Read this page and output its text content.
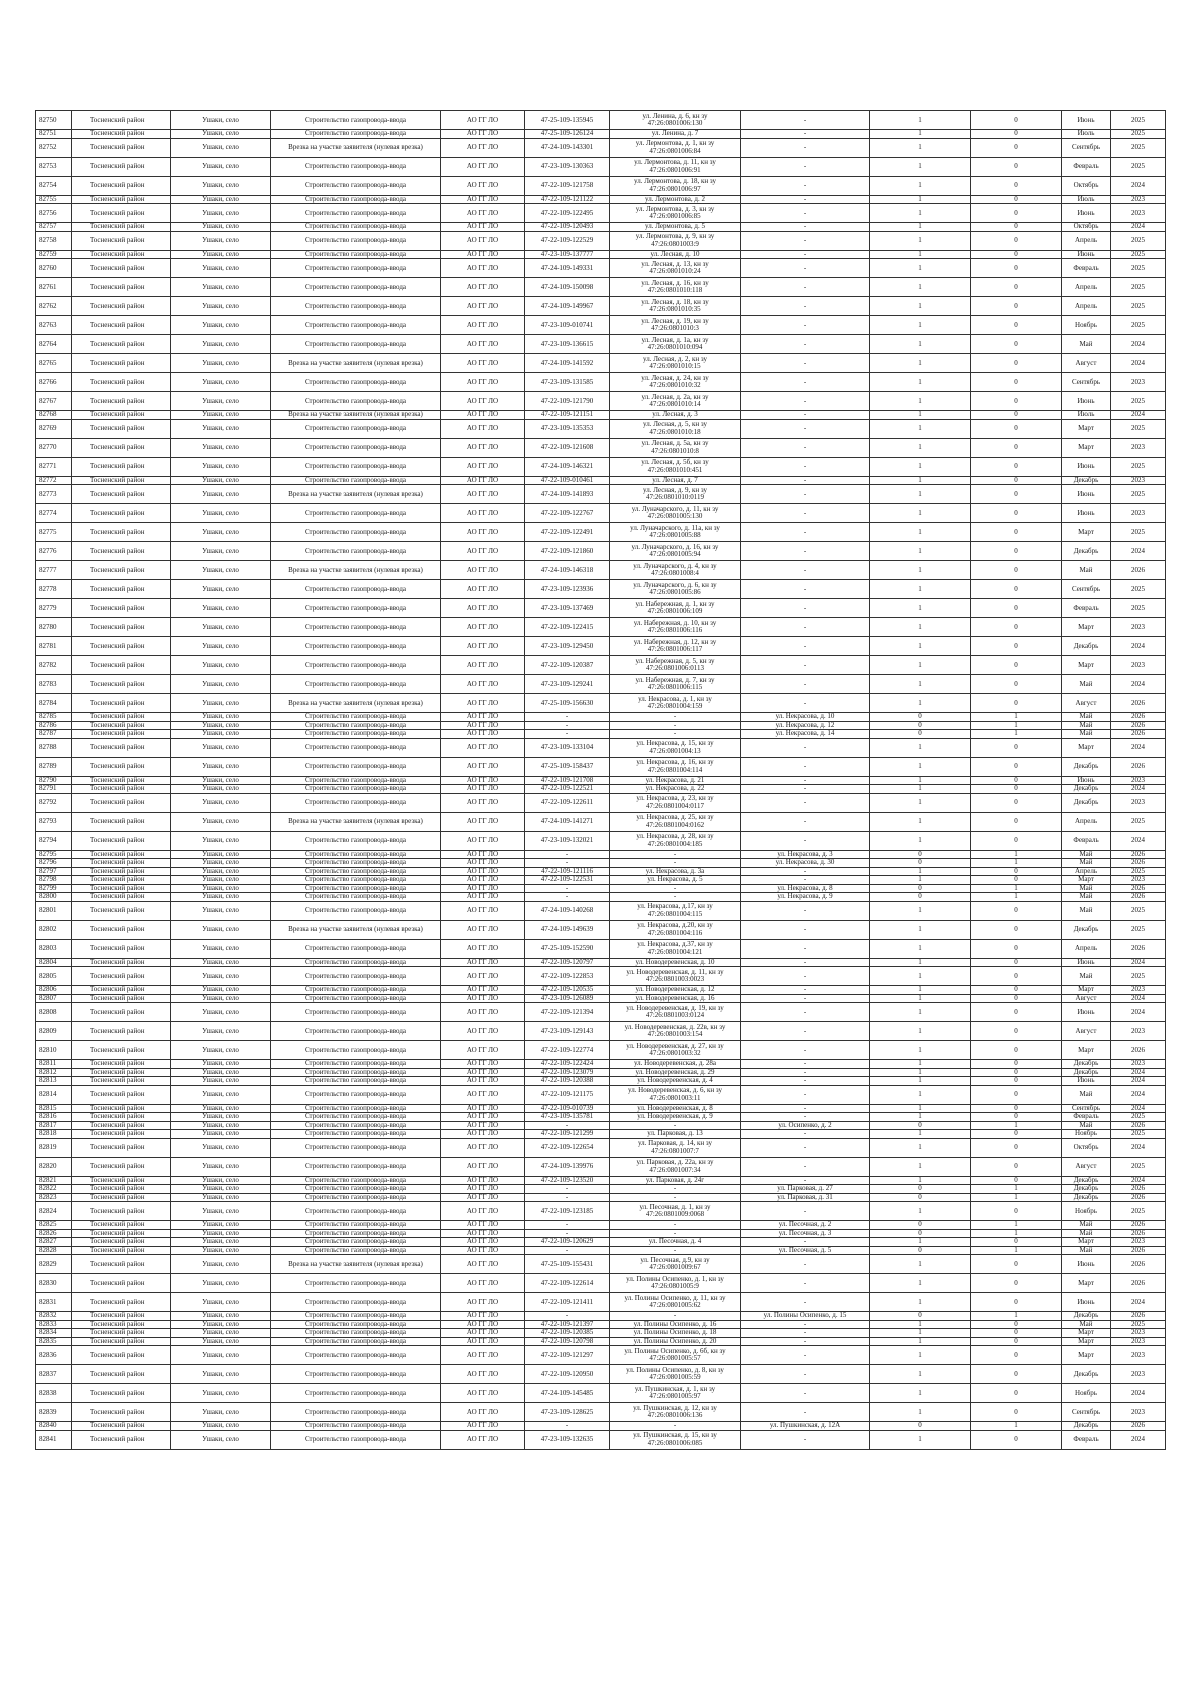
82750	Тосненский район	Ушаки, село	Строительство газопровода-ввода	АО ГГ ЛО	47-25-109-135945	ул. Ленина, д. 6, кн зу
47:26:0801006:130	-	1	0	Июнь	2025
82751	Тосненский район	Ушаки, село	Строительство газопровода-ввода	АО ГГ ЛО	47-25-109-126124	ул. Ленина, д. 7	-	1	0	Июль	2025
82752	Тосненский район	Ушаки, село	Врезка на участке заявителя (нулевая врезка)	АО ГГ ЛО	47-24-109-143301	ул. Лермонтова, д. 1, кн зу
47:26:0801006:84	-	1	0	Сентябрь	2025
82753	Тосненский район	Ушаки, село	Строительство газопровода-ввода	АО ГГ ЛО	47-23-109-130363	ул. Лермонтова, д. 11, кн зу
47:26:0801006:91	-	1	0	Февраль	2025
82754	Тосненский район	Ушаки, село	Строительство газопровода-ввода	АО ГГ ЛО	47-22-109-121758	ул. Лермонтова, д. 18, кн зу
47:26:0801006:97	-	1	0	Октябрь	2024
82755	Тосненский район	Ушаки, село	Строительство газопровода-ввода	АО ГГ ЛО	47-22-109-121122	ул. Лермонтова, д. 2	-	1	0	Июль	2023
82756	Тосненский район	Ушаки, село	Строительство газопровода-ввода	АО ГГ ЛО	47-22-109-122495	ул. Лермонтова, д. 3, кн зу
47:26:0801006:85	-	1	0	Июнь	2023
82757	Тосненский район	Ушаки, село	Строительство газопровода-ввода	АО ГГ ЛО	47-22-109-120493	ул. Лермонтова, д. 5	-	1	0	Октябрь	2024
82758	Тосненский район	Ушаки, село	Строительство газопровода-ввода	АО ГГ ЛО	47-22-109-122529	ул. Лермонтова, д. 9, кн зу
47:26:0801003:9	-	1	0	Апрель	2025
82759	Тосненский район	Ушаки, село	Строительство газопровода-ввода	АО ГГ ЛО	47-23-109-137777	ул. Лесная, д. 10	-	1	0	Июнь	2025
82760	Тосненский район	Ушаки, село	Строительство газопровода-ввода	АО ГГ ЛО	47-24-109-149331	ул. Лесная, д. 13, кн зу
47:26:0801010:24	-	1	0	Февраль	2025
82761	Тосненский район	Ушаки, село	Строительство газопровода-ввода	АО ГГ ЛО	47-24-109-150098	ул. Лесная, д. 16, кн зу
47:26:0801010:118	-	1	0	Апрель	2025
82762	Тосненский район	Ушаки, село	Строительство газопровода-ввода	АО ГГ ЛО	47-24-109-149967	ул. Лесная, д. 18, кн зу
47:26:0801010:35	-	1	0	Апрель	2025
82763	Тосненский район	Ушаки, село	Строительство газопровода-ввода	АО ГГ ЛО	47-23-109-010741	ул. Лесная, д. 19, кн зу
47:26:0801010:3	-	1	0	Ноябрь	2025
82764	Тосненский район	Ушаки, село	Строительство газопровода-ввода	АО ГГ ЛО	47-23-109-136615	ул. Лесная, д. 1а, кн зу
47:26:0801010:094	-	1	0	Май	2024
82765	Тосненский район	Ушаки, село	Врезка на участке заявителя (нулевая врезка)	АО ГГ ЛО	47-24-109-141592	ул. Лесная, д. 2, кн зу
47:26:0801010:15	-	1	0	Август	2024
82766	Тосненский район	Ушаки, село	Строительство газопровода-ввода	АО ГГ ЛО	47-23-109-131585	ул. Лесная, д. 24, кн зу
47:26:0801010:32	-	1	0	Сентябрь	2023
82767	Тосненский район	Ушаки, село	Строительство газопровода-ввода	АО ГГ ЛО	47-22-109-121790	ул. Лесная, д. 2а, кн зу
47:26:0801010:14	-	1	0	Июнь	2025
82768	Тосненский район	Ушаки, село	Врезка на участке заявителя (нулевая врезка)	АО ГГ ЛО	47-22-109-121151	ул. Лесная, д. 3	-	1	0	Июль	2024
82769	Тосненский район	Ушаки, село	Строительство газопровода-ввода	АО ГГ ЛО	47-23-109-135353	ул. Лесная, д. 5, кн зу
47:26:0801010:18	-	1	0	Март	2025
82770	Тосненский район	Ушаки, село	Строительство газопровода-ввода	АО ГГ ЛО	47-22-109-121608	ул. Лесная, д. 5а, кн зу
47:26:0801010:8	-	1	0	Март	2023
82771	Тосненский район	Ушаки, село	Строительство газопровода-ввода	АО ГГ ЛО	47-24-109-146321	ул. Лесная, д. 5б, кн зу
47:26:0801010:451	-	1	0	Июнь	2025
82772	Тосненский район	Ушаки, село	Строительство газопровода-ввода	АО ГГ ЛО	47-22-109-010461	ул. Лесная, д. 7	-	1	0	Декабрь	2023
82773	Тосненский район	Ушаки, село	Врезка на участке заявителя (нулевая врезка)	АО ГГ ЛО	47-24-109-141893	ул. Лесная, д. 9, кн зу
47:26:0801010:0119	-	1	0	Июнь	2025
82774	Тосненский район	Ушаки, село	Строительство газопровода-ввода	АО ГГ ЛО	47-22-109-122767	ул. Луначарского, д. 11, кн зу
47:26:0801005:130	-	1	0	Июнь	2023
82775	Тосненский район	Ушаки, село	Строительство газопровода-ввода	АО ГГ ЛО	47-22-109-122491	ул. Луначарского, д. 11а, кн зу
47:26:0801005:88	-	1	0	Март	2025
82776	Тосненский район	Ушаки, село	Строительство газопровода-ввода	АО ГГ ЛО	47-22-109-121860	ул. Луначарского, д. 16, кн зу
47:26:0801005:94	-	1	0	Декабрь	2024
82777	Тосненский район	Ушаки, село	Врезка на участке заявителя (нулевая врезка)	АО ГГ ЛО	47-24-109-146318	ул. Луначарского, д. 4, кн зу
47:26:0801008:4	-	1	0	Май	2026
82778	Тосненский район	Ушаки, село	Строительство газопровода-ввода	АО ГГ ЛО	47-23-109-123936	ул. Луначарского, д. 6, кн зу
47:26:0801005:86	-	1	0	Сентябрь	2025
82779	Тосненский район	Ушаки, село	Строительство газопровода-ввода	АО ГГ ЛО	47-23-109-137469	ул. Набережная, д. 1, кн зу
47:26:0801006:109	-	1	0	Февраль	2025
82780	Тосненский район	Ушаки, село	Строительство газопровода-ввода	АО ГГ ЛО	47-22-109-122415	ул. Набережная, д. 10, кн зу
47:26:0801006:116	-	1	0	Март	2023
82781	Тосненский район	Ушаки, село	Строительство газопровода-ввода	АО ГГ ЛО	47-23-109-129450	ул. Набережная, д. 12, кн зу
47:26:0801006:117	-	1	0	Декабрь	2024
82782	Тосненский район	Ушаки, село	Строительство газопровода-ввода	АО ГГ ЛО	47-22-109-120387	ул. Набережная, д. 5, кн зу
47:26:0801006:0113	-	1	0	Март	2023
82783	Тосненский район	Ушаки, село	Строительство газопровода-ввода	АО ГГ ЛО	47-23-109-129241	ул. Набережная, д. 7, кн зу
47:26:0801006:115	-	1	0	Май	2024
82784	Тосненский район	Ушаки, село	Врезка на участке заявителя (нулевая врезка)	АО ГГ ЛО	47-25-109-156630	ул. Некрасова, д. 1, кн зу
47:26:0801004:159	-	1	0	Август	2026
82785	Тосненский район	Ушаки, село	Строительство газопровода-ввода	АО ГГ ЛО	-	-	ул. Некрасова, д. 10	0	1	Май	2026
82786	Тосненский район	Ушаки, село	Строительство газопровода-ввода	АО ГГ ЛО	-	-	ул. Некрасова, д. 12	0	1	Май	2026
82787	Тосненский район	Ушаки, село	Строительство газопровода-ввода	АО ГГ ЛО	-	-	ул. Некрасова, д. 14	0	1	Май	2026
82788	Тосненский район	Ушаки, село	Строительство газопровода-ввода	АО ГГ ЛО	47-23-109-133104	ул. Некрасова, д. 15, кн зу
47:26:0801004:13	-	1	0	Март	2024
82789	Тосненский район	Ушаки, село	Строительство газопровода-ввода	АО ГГ ЛО	47-25-109-158437	ул. Некрасова, д. 16, кн зу
47:26:0801004:114	-	1	0	Декабрь	2026
82790	Тосненский район	Ушаки, село	Строительство газопровода-ввода	АО ГГ ЛО	47-22-109-121708	ул. Некрасова, д. 21	-	1	0	Июнь	2023
82791	Тосненский район	Ушаки, село	Строительство газопровода-ввода	АО ГГ ЛО	47-22-109-122521	ул. Некрасова, д. 22	-	1	0	Декабрь	2024
82792	Тосненский район	Ушаки, село	Строительство газопровода-ввода	АО ГГ ЛО	47-22-109-122611	ул. Некрасова, д. 23, кн зу
47:26:0801004:0117	-	1	0	Декабрь	2023
82793	Тосненский район	Ушаки, село	Врезка на участке заявителя (нулевая врезка)	АО ГГ ЛО	47-24-109-141271	ул. Некрасова, д. 25, кн зу
47:26:0801004:0162	-	1	0	Апрель	2025
82794	Тосненский район	Ушаки, село	Строительство газопровода-ввода	АО ГГ ЛО	47-23-109-132021	ул. Некрасова, д. 28, кн зу
47:26:0801004:185	-	1	0	Февраль	2024
82795	Тосненский район	Ушаки, село	Строительство газопровода-ввода	АО ГГ ЛО	-	-	ул. Некрасова, д. 3	0	1	Май	2026
82796	Тосненский район	Ушаки, село	Строительство газопровода-ввода	АО ГГ ЛО	-	-	ул. Некрасова, д. 30	0	1	Май	2026
82797	Тосненский район	Ушаки, село	Строительство газопровода-ввода	АО ГГ ЛО	47-22-109-121116	ул. Некрасова, д. 3а	-	1	0	Апрель	2025
82798	Тосненский район	Ушаки, село	Строительство газопровода-ввода	АО ГГ ЛО	47-22-109-122531	ул. Некрасова, д. 5	-	1	0	Март	2023
82799	Тосненский район	Ушаки, село	Строительство газопровода-ввода	АО ГГ ЛО	-	-	ул. Некрасова, д. 8	0	1	Май	2026
82800	Тосненский район	Ушаки, село	Строительство газопровода-ввода	АО ГГ ЛО	-	-	ул. Некрасова, д. 9	0	1	Май	2026
82801	Тосненский район	Ушаки, село	Строительство газопровода-ввода	АО ГГ ЛО	47-24-109-140268	ул. Некрасова, д.17, кн зу
47:26:0801004:115	-	1	0	Май	2025
82802	Тосненский район	Ушаки, село	Врезка на участке заявителя (нулевая врезка)	АО ГГ ЛО	47-24-109-149639	ул. Некрасова, д.20, кн зу
47:26:0801004:116	-	1	0	Декабрь	2025
82803	Тосненский район	Ушаки, село	Строительство газопровода-ввода	АО ГГ ЛО	47-25-109-152590	ул. Некрасова, д.37, кн зу
47:26:0801004:121	-	1	0	Апрель	2026
82804	Тосненский район	Ушаки, село	Строительство газопровода-ввода	АО ГГ ЛО	47-22-109-120797	ул. Новодеревенская, д. 10	-	1	0	Июнь	2024
82805	Тосненский район	Ушаки, село	Строительство газопровода-ввода	АО ГГ ЛО	47-22-109-122853	ул. Новодеревенская, д. 11, кн зу
47:26:0801003:0023	-	1	0	Май	2025
82806	Тосненский район	Ушаки, село	Строительство газопровода-ввода	АО ГГ ЛО	47-22-109-120535	ул. Новодеревенская, д. 12	-	1	0	Март	2023
82807	Тосненский район	Ушаки, село	Строительство газопровода-ввода	АО ГГ ЛО	47-23-109-126089	ул. Новодеревенская, д. 16	-	1	0	Август	2024
82808	Тосненский район	Ушаки, село	Строительство газопровода-ввода	АО ГГ ЛО	47-22-109-121394	ул. Новодеревенская, д. 19, кн зу
47:26:0801003:0124	-	1	0	Июнь	2024
82809	Тосненский район	Ушаки, село	Строительство газопровода-ввода	АО ГГ ЛО	47-23-109-129143	ул. Новодеревенская, д. 22в, кн зу
47:26:0801003:154	-	1	0	Август	2023
82810	Тосненский район	Ушаки, село	Строительство газопровода-ввода	АО ГГ ЛО	47-22-109-122774	ул. Новодеревенская, д. 27, кн зу
47:26:0801003:32	-	1	0	Март	2026
82811	Тосненский район	Ушаки, село	Строительство газопровода-ввода	АО ГГ ЛО	47-22-109-122424	ул. Новодеревенская, д. 28а	-	1	0	Декабрь	2023
82812	Тосненский район	Ушаки, село	Строительство газопровода-ввода	АО ГГ ЛО	47-22-109-123079	ул. Новодеревенская, д. 29	-	1	0	Декабрь	2024
82813	Тосненский район	Ушаки, село	Строительство газопровода-ввода	АО ГГ ЛО	47-22-109-120388	ул. Новодеревенская, д. 4	-	1	0	Июнь	2024
82814	Тосненский район	Ушаки, село	Строительство газопровода-ввода	АО ГГ ЛО	47-22-109-121175	ул. Новодеревенская, д. 6, кн зу
47:26:0801003:11	-	1	0	Май	2024
82815	Тосненский район	Ушаки, село	Строительство газопровода-ввода	АО ГГ ЛО	47-22-109-010739	ул. Новодеревенская, д. 8	-	1	0	Сентябрь	2024
82816	Тосненский район	Ушаки, село	Строительство газопровода-ввода	АО ГГ ЛО	47-23-109-135781	ул. Новодеревенская, д. 9	-	1	0	Февраль	2025
82817	Тосненский район	Ушаки, село	Строительство газопровода-ввода	АО ГГ ЛО	-	-	ул. Осипенко, д. 2	0	1	Май	2026
82818	Тосненский район	Ушаки, село	Строительство газопровода-ввода	АО ГГ ЛО	47-22-109-121299	ул. Парковая, д. 13	-	1	0	Ноябрь	2025
82819	Тосненский район	Ушаки, село	Строительство газопровода-ввода	АО ГГ ЛО	47-22-109-122654	ул. Парковая, д. 14, кн зу
47:26:0801007:7	-	1	0	Октябрь	2024
82820	Тосненский район	Ушаки, село	Строительство газопровода-ввода	АО ГГ ЛО	47-24-109-139976	ул. Парковая, д. 22а, кн зу
47:26:0801007:34	-	1	0	Август	2025
82821	Тосненский район	Ушаки, село	Строительство газопровода-ввода	АО ГГ ЛО	47-22-109-123520	ул. Парковая, д. 24г	-	1	0	Декабрь	2024
82822	Тосненский район	Ушаки, село	Строительство газопровода-ввода	АО ГГ ЛО	-	-	ул. Парковая, д. 27	0	1	Декабрь	2026
82823	Тосненский район	Ушаки, село	Строительство газопровода-ввода	АО ГГ ЛО	-	-	ул. Парковая, д. 31	0	1	Декабрь	2026
82824	Тосненский район	Ушаки, село	Строительство газопровода-ввода	АО ГГ ЛО	47-22-109-123185	ул. Песочная, д. 1, кн зу
47:26:0801009:0068	-	1	0	Ноябрь	2025
82825	Тосненский район	Ушаки, село	Строительство газопровода-ввода	АО ГГ ЛО	-	-	ул. Песочная, д. 2	0	1	Май	2026
82826	Тосненский район	Ушаки, село	Строительство газопровода-ввода	АО ГГ ЛО	-	-	ул. Песочная, д. 3	0	1	Май	2026
82827	Тосненский район	Ушаки, село	Строительство газопровода-ввода	АО ГГ ЛО	47-22-109-120629	ул. Песочная, д. 4	-	1	0	Март	2023
82828	Тосненский район	Ушаки, село	Строительство газопровода-ввода	АО ГГ ЛО	-	-	ул. Песочная, д. 5	0	1	Май	2026
82829	Тосненский район	Ушаки, село	Врезка на участке заявителя (нулевая врезка)	АО ГГ ЛО	47-25-109-155431	ул. Песочная, д.9, кн зу
47:26:0801009:67	-	1	0	Июнь	2026
82830	Тосненский район	Ушаки, село	Строительство газопровода-ввода	АО ГГ ЛО	47-22-109-122614	ул. Полины Осипенко, д. 1, кн зу
47:26:0801005:9	-	1	0	Март	2026
82831	Тосненский район	Ушаки, село	Строительство газопровода-ввода	АО ГГ ЛО	47-22-109-121411	ул. Полины Осипенко, д. 11, кн зу
47:26:0801005:62	-	1	0	Июнь	2024
82832	Тосненский район	Ушаки, село	Строительство газопровода-ввода	АО ГГ ЛО	-	-	ул. Полины Осипенко, д. 15	0	1	Декабрь	2026
82833	Тосненский район	Ушаки, село	Строительство газопровода-ввода	АО ГГ ЛО	47-22-109-121397	ул. Полины Осипенко, д. 16	-	1	0	Май	2025
82834	Тосненский район	Ушаки, село	Строительство газопровода-ввода	АО ГГ ЛО	47-22-109-120385	ул. Полины Осипенко, д. 18	-	1	0	Март	2023
82835	Тосненский район	Ушаки, село	Строительство газопровода-ввода	АО ГГ ЛО	47-22-109-120798	ул. Полины Осипенко, д. 20	-	1	0	Март	2023
82836	Тосненский район	Ушаки, село	Строительство газопровода-ввода	АО ГГ ЛО	47-22-109-121297	ул. Полины Осипенко, д. 6б, кн зу
47:26:0801005:57	-	1	0	Март	2023
82837	Тосненский район	Ушаки, село	Строительство газопровода-ввода	АО ГГ ЛО	47-22-109-120950	ул. Полины Осипенко, д. 8, кн зу
47:26:0801005:59	-	1	0	Декабрь	2023
82838	Тосненский район	Ушаки, село	Строительство газопровода-ввода	АО ГГ ЛО	47-24-109-145485	ул. Пушкинская, д. 1, кн зу
47:26:0801005:97	-	1	0	Ноябрь	2024
82839	Тосненский район	Ушаки, село	Строительство газопровода-ввода	АО ГГ ЛО	47-23-109-128625	ул. Пушкинская, д. 12, кн зу
47:26:0801006:136	-	1	0	Сентябрь	2023
82840	Тосненский район	Ушаки, село	Строительство газопровода-ввода	АО ГГ ЛО	-	-	ул. Пушкинская, д. 12А	0	1	Декабрь	2026
82841	Тосненский район	Ушаки, село	Строительство газопровода-ввода	АО ГГ ЛО	47-23-109-132635	ул. Пушкинская, д. 15, кн зу
47:26:0801006:085	-	1	0	Февраль	2024
